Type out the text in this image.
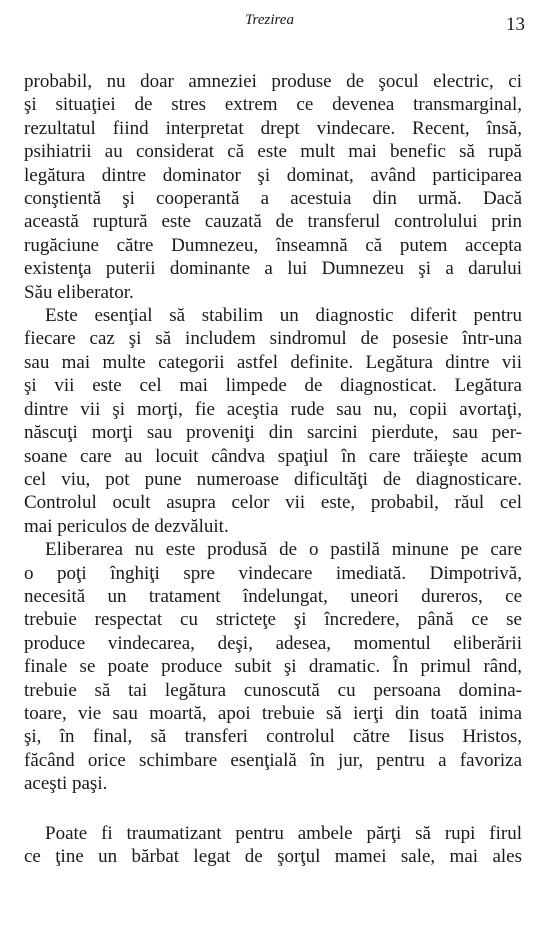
Trezirea	13
probabil, nu doar amneziei produse de şocul electric, ci
şi situaţiei de stres extrem ce devenea transmarginal,
rezultatul fiind interpretat drept vindecare. Recent, însă,
psihiatrii au considerat că este mult mai benefic să rupă
legătura dintre dominator şi dominat, având participarea
conştientă şi cooperantă a acestuia din urmă. Dacă
această ruptură este cauzată de transferul controlului prin
rugăciune către Dumnezeu, înseamnă că putem accepta
existenţa puterii dominante a lui Dumnezeu şi a darului
Său eliberator.
Este esenţial să stabilim un diagnostic diferit pentru
fiecare caz şi să includem sindromul de posesie într-una
sau mai multe categorii astfel definite. Legătura dintre vii
şi vii este cel mai limpede de diagnosticat. Legătura
dintre vii şi morţi, fie aceştia rude sau nu, copii avortaţi,
născuţi morţi sau proveniţi din sarcini pierdute, sau per-
soane care au locuit cândva spaţiul în care trăieşte acum
cel viu, pot pune numeroase dificultăţi de diagnosticare.
Controlul ocult asupra celor vii este, probabil, răul cel
mai periculos de dezvăluit.
Eliberarea nu este produsă de o pastilă minune pe care
o poţi înghiţi spre vindecare imediată. Dimpotrivă,
necesită un tratament îndelungat, uneori dureros, ce
trebuie respectat cu stricteţe şi încredere, până ce se
produce vindecarea, deşi, adesea, momentul eliberării
finale se poate produce subit şi dramatic. În primul rând,
trebuie să tai legătura cunoscută cu persoana domina-
toare, vie sau moartă, apoi trebuie să ierţi din toată inima
şi, în final, să transferi controlul către Iisus Hristos,
făcând orice schimbare esenţială în jur, pentru a favoriza
aceşti paşi.
Poate fi traumatizant pentru ambele părţi să rupi firul
ce ţine un bărbat legat de şorţul mamei sale, mai ales
